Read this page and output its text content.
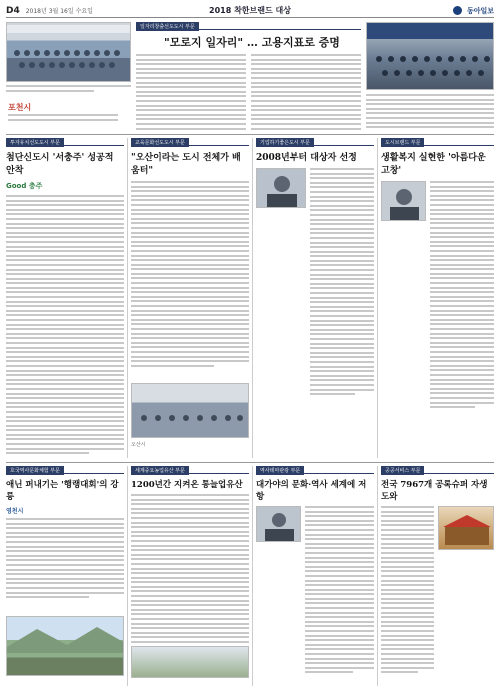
D4 2018년 3월 16일 수요일	2018 착한브랜드 대상	동아일보
포천시
일자리창출선도도시 부문
"모로지 일자리" … 고용지표로 증명
투자유치선도도시 부문
첨단신도시 '서충주' 성공적 안착
Good 충주
교육문화선도도시 부문
"오산이라는 도시 전체가 배움터"
오산시
기업하기좋은도시 부문
2008년부터 대상자 선정
도시브랜드 부문
생활복지 실현한 '아름다운 고창'
호국역사문화체험 부문
애닌 퍼내기는 '행랭대회'의 강릉
영천시
세계중요농업유산 부문
1200년간 지켜온 통늘업유산
역사테마관광 부문
대가야의 문화·역사 세계에 저항
공공서비스 부문
전국 7967개 공록슈퍼 자생 도와
